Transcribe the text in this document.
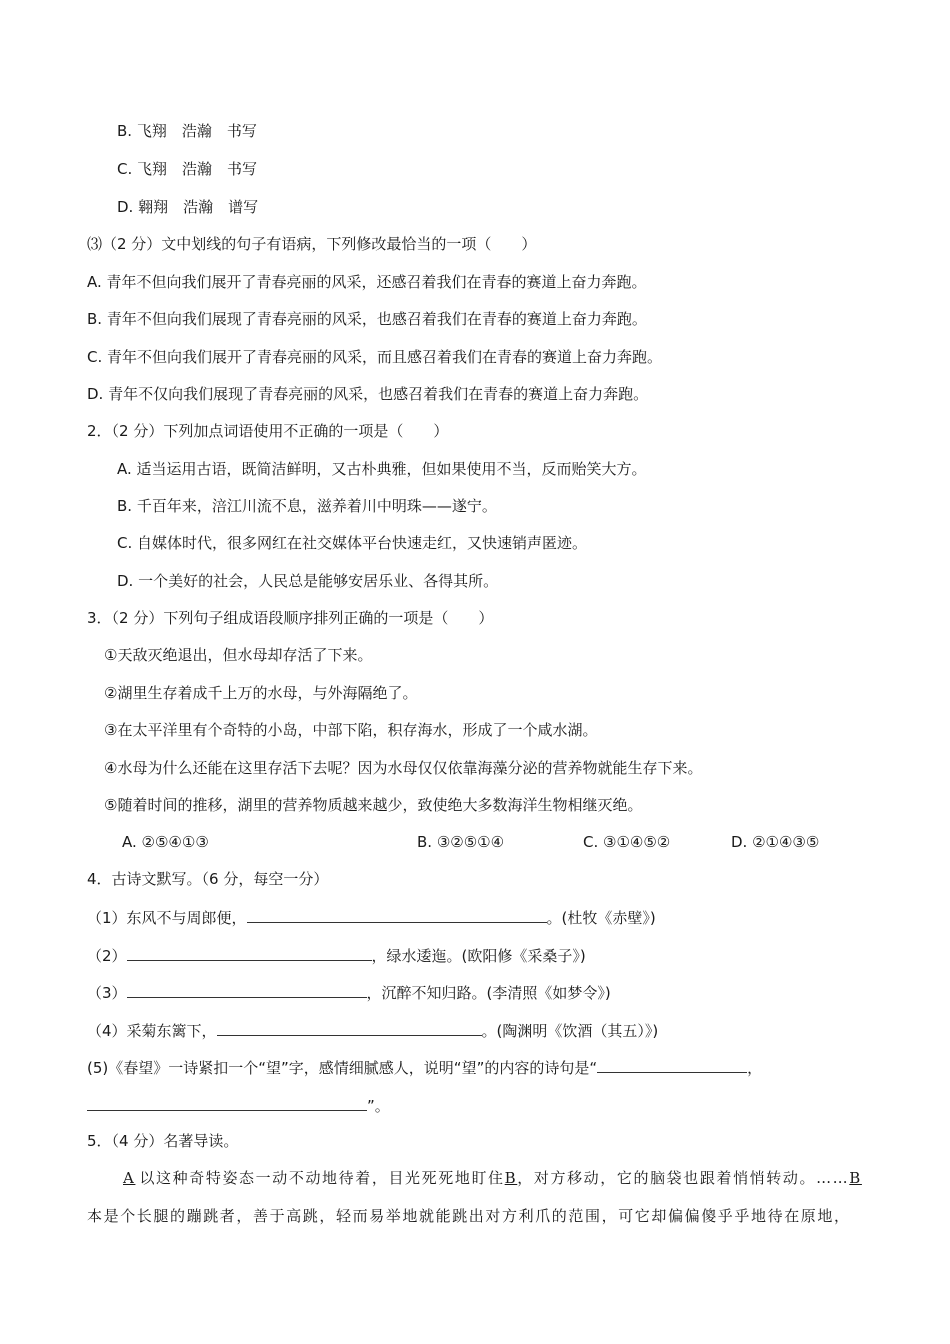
B. 飞翔　浩瀚　书写
C. 飞翔　浩瀚　书写
D. 翱翔　浩瀚　谱写
⑶（2 分）文中划线的句子有语病，下列修改最恰当的一项（　　）
A. 青年不但向我们展开了青春亮丽的风采，还感召着我们在青春的赛道上奋力奔跑。
B. 青年不但向我们展现了青春亮丽的风采，也感召着我们在青春的赛道上奋力奔跑。
C. 青年不但向我们展开了青春亮丽的风采，而且感召着我们在青春的赛道上奋力奔跑。
D. 青年不仅向我们展现了青春亮丽的风采，也感召着我们在青春的赛道上奋力奔跑。
2．（2 分）下列加点词语使用不正确的一项是（　　）
A. 适当运用古语，既简洁鲜明，又古朴典雅，但如果使用不当，反而贻笑大方。
B. 千百年来，涪江川流不息，滋养着川中明珠——遂宁。
C. 自媒体时代，很多网红在社交媒体平台快速走红，又快速销声匿迹。
D. 一个美好的社会，人民总是能够安居乐业、各得其所。
3．（2 分）下列句子组成语段顺序排列正确的一项是（　　）
①天敌灭绝退出，但水母却存活了下来。
②湖里生存着成千上万的水母，与外海隔绝了。
③在太平洋里有个奇特的小岛，中部下陷，积存海水，形成了一个咸水湖。
④水母为什么还能在这里存活下去呢？因为水母仅仅依靠海藻分泌的营养物就能生存下来。
⑤随着时间的推移，湖里的营养物质越来越少，致使绝大多数海洋生物相继灭绝。
A. ②⑤④①③	B. ③②⑤①④	C. ③①④⑤②	D. ②①④③⑤
4．古诗文默写。（6 分，每空一分）
（1）东风不与周郎便，	。(杜牧《赤壁》)
（2）	，绿水逶迤。(欧阳修《采桑子》)
（3）	，沉醉不知归路。(李清照《如梦令》)
（4）采菊东篱下，	。(陶渊明《饮酒（其五）》)
(5)《春望》一诗紧扣一个“望”字，感情细腻感人，说明“望”的内容的诗句是“	，
”。
5．（4 分）名著导读。
A 以这种奇特姿态一动不动地待着，目光死死地盯住B，对方移动，它的脑袋也跟着悄悄转动。……B
本是个长腿的蹦跳者，善于高跳，轻而易举地就能跳出对方利爪的范围，可它却偏偏傻乎乎地待在原地，
